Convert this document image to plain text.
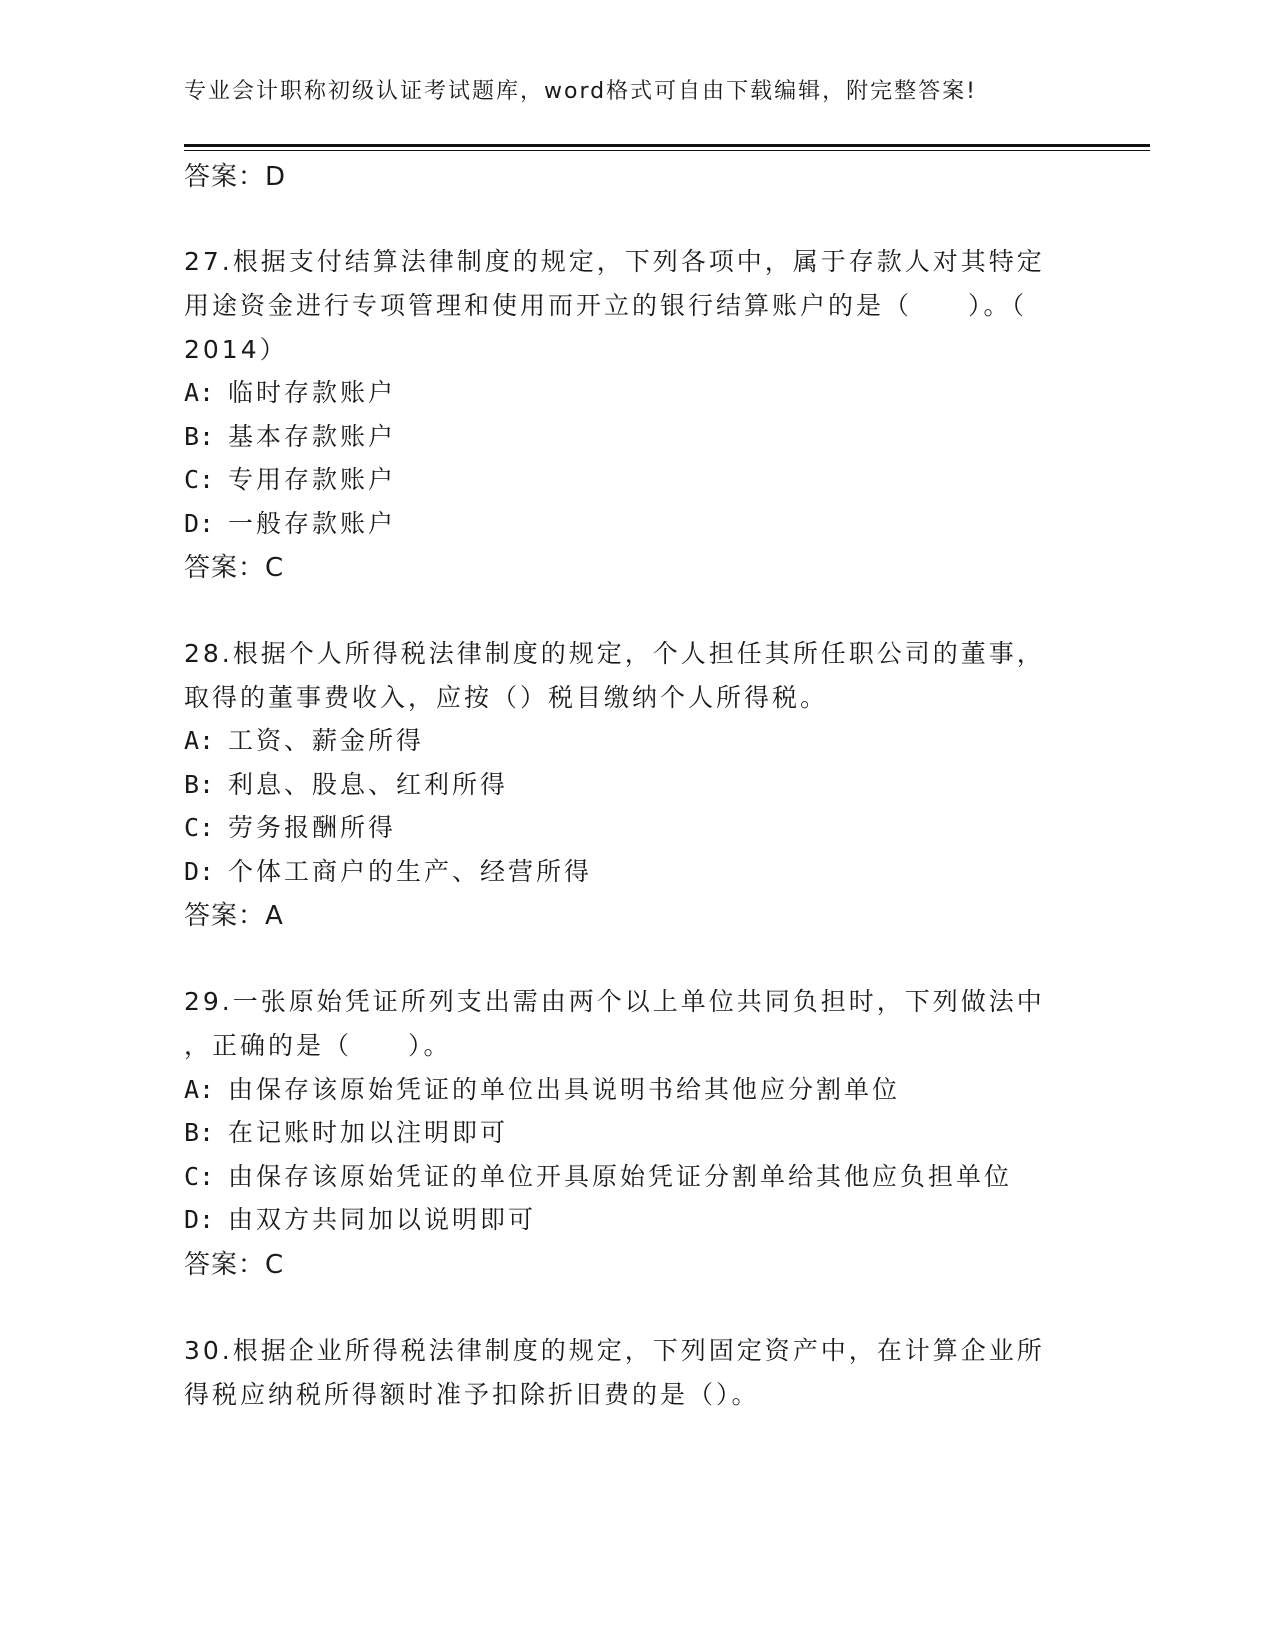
专业会计职称初级认证考试题库，word格式可自由下载编辑，附完整答案!
答案：D
27.根据支付结算法律制度的规定，下列各项中，属于存款人对其特定
用途资金进行专项管理和使用而开立的银行结算账户的是（　　）。（
2014）
A: 临时存款账户
B: 基本存款账户
C: 专用存款账户
D: 一般存款账户
答案：C
28.根据个人所得税法律制度的规定，个人担任其所任职公司的董事，
取得的董事费收入，应按（）税目缴纳个人所得税。
A: 工资、薪金所得
B: 利息、股息、红利所得
C: 劳务报酬所得
D: 个体工商户的生产、经营所得
答案：A
29.一张原始凭证所列支出需由两个以上单位共同负担时，下列做法中
，正确的是（　　）。
A: 由保存该原始凭证的单位出具说明书给其他应分割单位
B: 在记账时加以注明即可
C: 由保存该原始凭证的单位开具原始凭证分割单给其他应负担单位
D: 由双方共同加以说明即可
答案：C
30.根据企业所得税法律制度的规定，下列固定资产中，在计算企业所
得税应纳税所得额时准予扣除折旧费的是（）。
